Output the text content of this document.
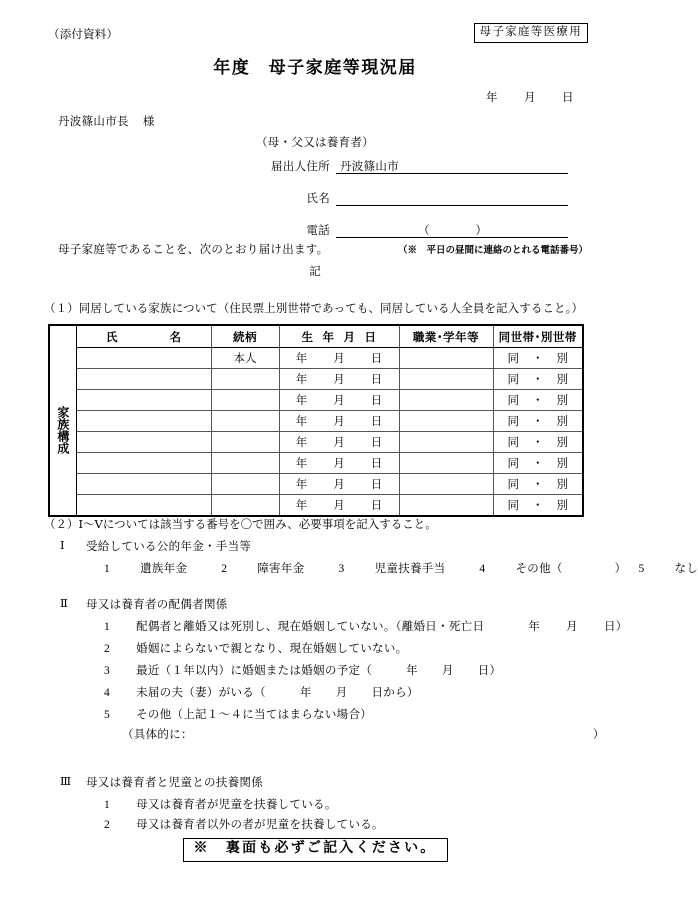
（添付資料）	母子家庭等医療用
年度　母子家庭等現況届
年 月 日
丹波篠山市長 様
（母・父又は養育者）
届出人住所 丹波篠山市
氏名
電話	（	）
母子家庭等であることを、次のとおり届け出ます。	（※　平日の昼間に連絡のとれる電話番号）
記
（１）同居している家族について（住民票上別世帯であっても、同居している人全員を記入すること。）
	氏 名	続柄	生 年 月 日	職業･学年等	同世帯･別世帯
家族構成		本人	年 月 日		同 ・ 別
			年 月 日		同 ・ 別
			年 月 日		同 ・ 別
			年 月 日		同 ・ 別
			年 月 日		同 ・ 別
			年 月 日		同 ・ 別
			年 月 日		同 ・ 別
			年 月 日		同 ・ 別
（２）Ⅰ～Ⅴについては該当する番号を〇で囲み、必要事項を記入すること。
Ⅰ 受給している公的年金・手当等
1	遺族年金	2	障害年金	3	児童扶養手当	4	その他（	） 5	なし
Ⅱ 母又は養育者の配偶者関係
1 配偶者と離婚又は死別し、現在婚姻していない。（離婚日・死亡日	年 月 日）
2 婚姻によらないで親となり、現在婚姻していない。
3 最近（１年以内）に婚姻または婚姻の予定（	年 月 日）
4 未届の夫（妻）がいる（	年 月 日から）
5 その他（上記１～４に当てはまらない場合）
（具体的に：	）
Ⅲ 母又は養育者と児童との扶養関係
1 母又は養育者が児童を扶養している。
2 母又は養育者以外の者が児童を扶養している。
※　裏面も必ずご記入ください。
